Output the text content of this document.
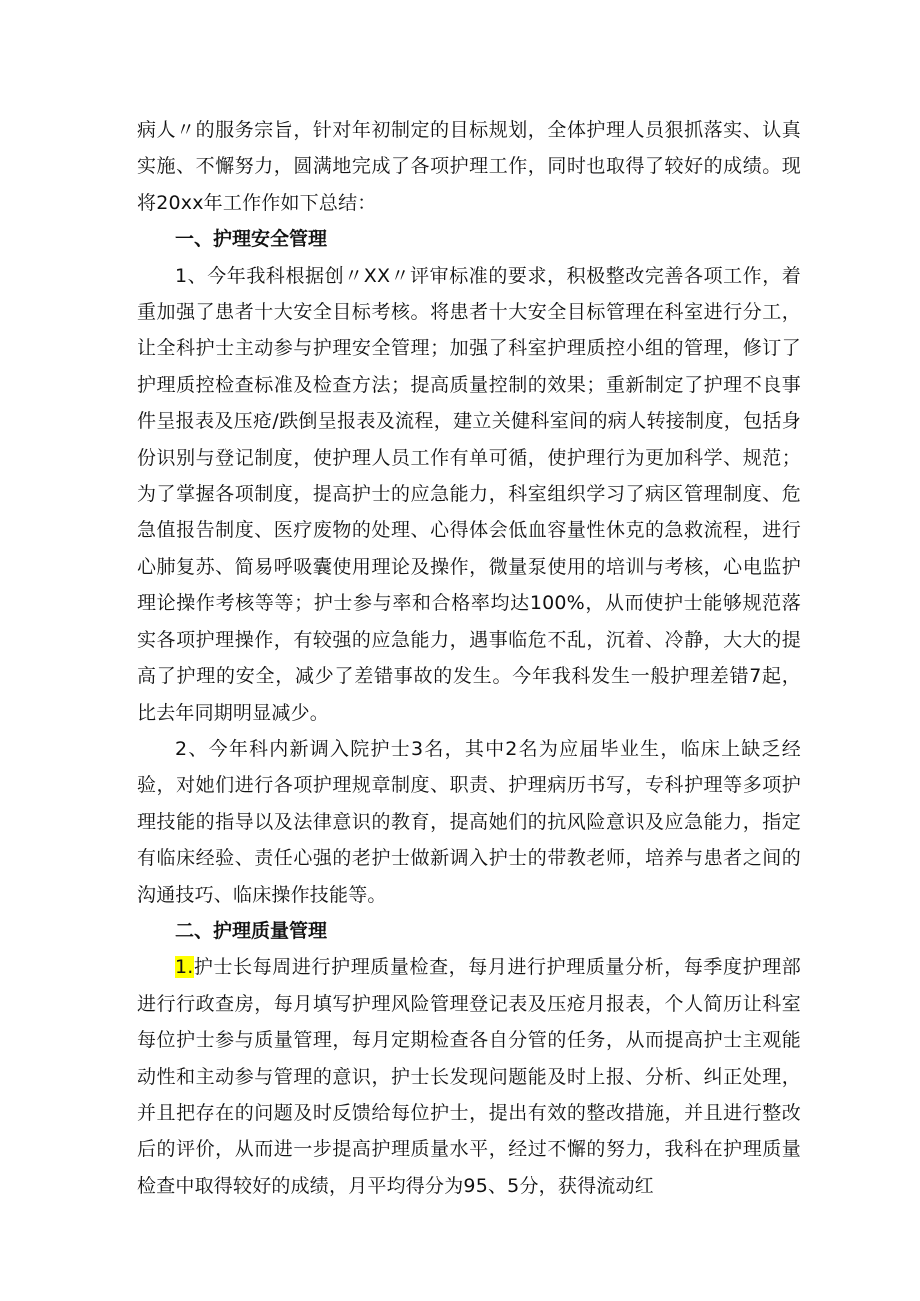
病人〃的服务宗旨，针对年初制定的目标规划，全体护理人员狠抓落实、认真实施、不懈努力，圆满地完成了各项护理工作，同时也取得了较好的成绩。现将20xx年工作作如下总结：

一、护理安全管理

1、今年我科根据创〃XX〃评审标准的要求，积极整改完善各项工作，着重加强了患者十大安全目标考核。将患者十大安全目标管理在科室进行分工，让全科护士主动参与护理安全管理；加强了科室护理质控小组的管理，修订了护理质控检查标准及检查方法；提高质量控制的效果；重新制定了护理不良事件呈报表及压疮/跌倒呈报表及流程，建立关健科室间的病人转接制度，包括身份识别与登记制度，使护理人员工作有单可循，使护理行为更加科学、规范；为了掌握各项制度，提高护士的应急能力，科室组织学习了病区管理制度、危急值报告制度、医疗废物的处理、心得体会低血容量性休克的急救流程，进行心肺复苏、简易呼吸囊使用理论及操作，微量泵使用的培训与考核，心电监护理论操作考核等等；护士参与率和合格率均达100%，从而使护士能够规范落实各项护理操作，有较强的应急能力，遇事临危不乱，沉着、冷静，大大的提高了护理的安全，减少了差错事故的发生。今年我科发生一般护理差错7起，比去年同期明显减少。

2、今年科内新调入院护士3名，其中2名为应届毕业生，临床上缺乏经验，对她们进行各项护理规章制度、职责、护理病历书写，专科护理等多项护理技能的指导以及法律意识的教育，提高她们的抗风险意识及应急能力，指定有临床经验、责任心强的老护士做新调入护士的带教老师，培养与患者之间的沟通技巧、临床操作技能等。

二、护理质量管理

1.护士长每周进行护理质量检查，每月进行护理质量分析，每季度护理部进行行政查房，每月填写护理风险管理登记表及压疮月报表，个人简历让科室每位护士参与质量管理，每月定期检查各自分管的任务，从而提高护士主观能动性和主动参与管理的意识，护士长发现问题能及时上报、分析、纠正处理，并且把存在的问题及时反馈给每位护士，提出有效的整改措施，并且进行整改后的评价，从而进一步提高护理质量水平，经过不懈的努力，我科在护理质量检查中取得较好的成绩，月平均得分为95、5分，获得流动红
